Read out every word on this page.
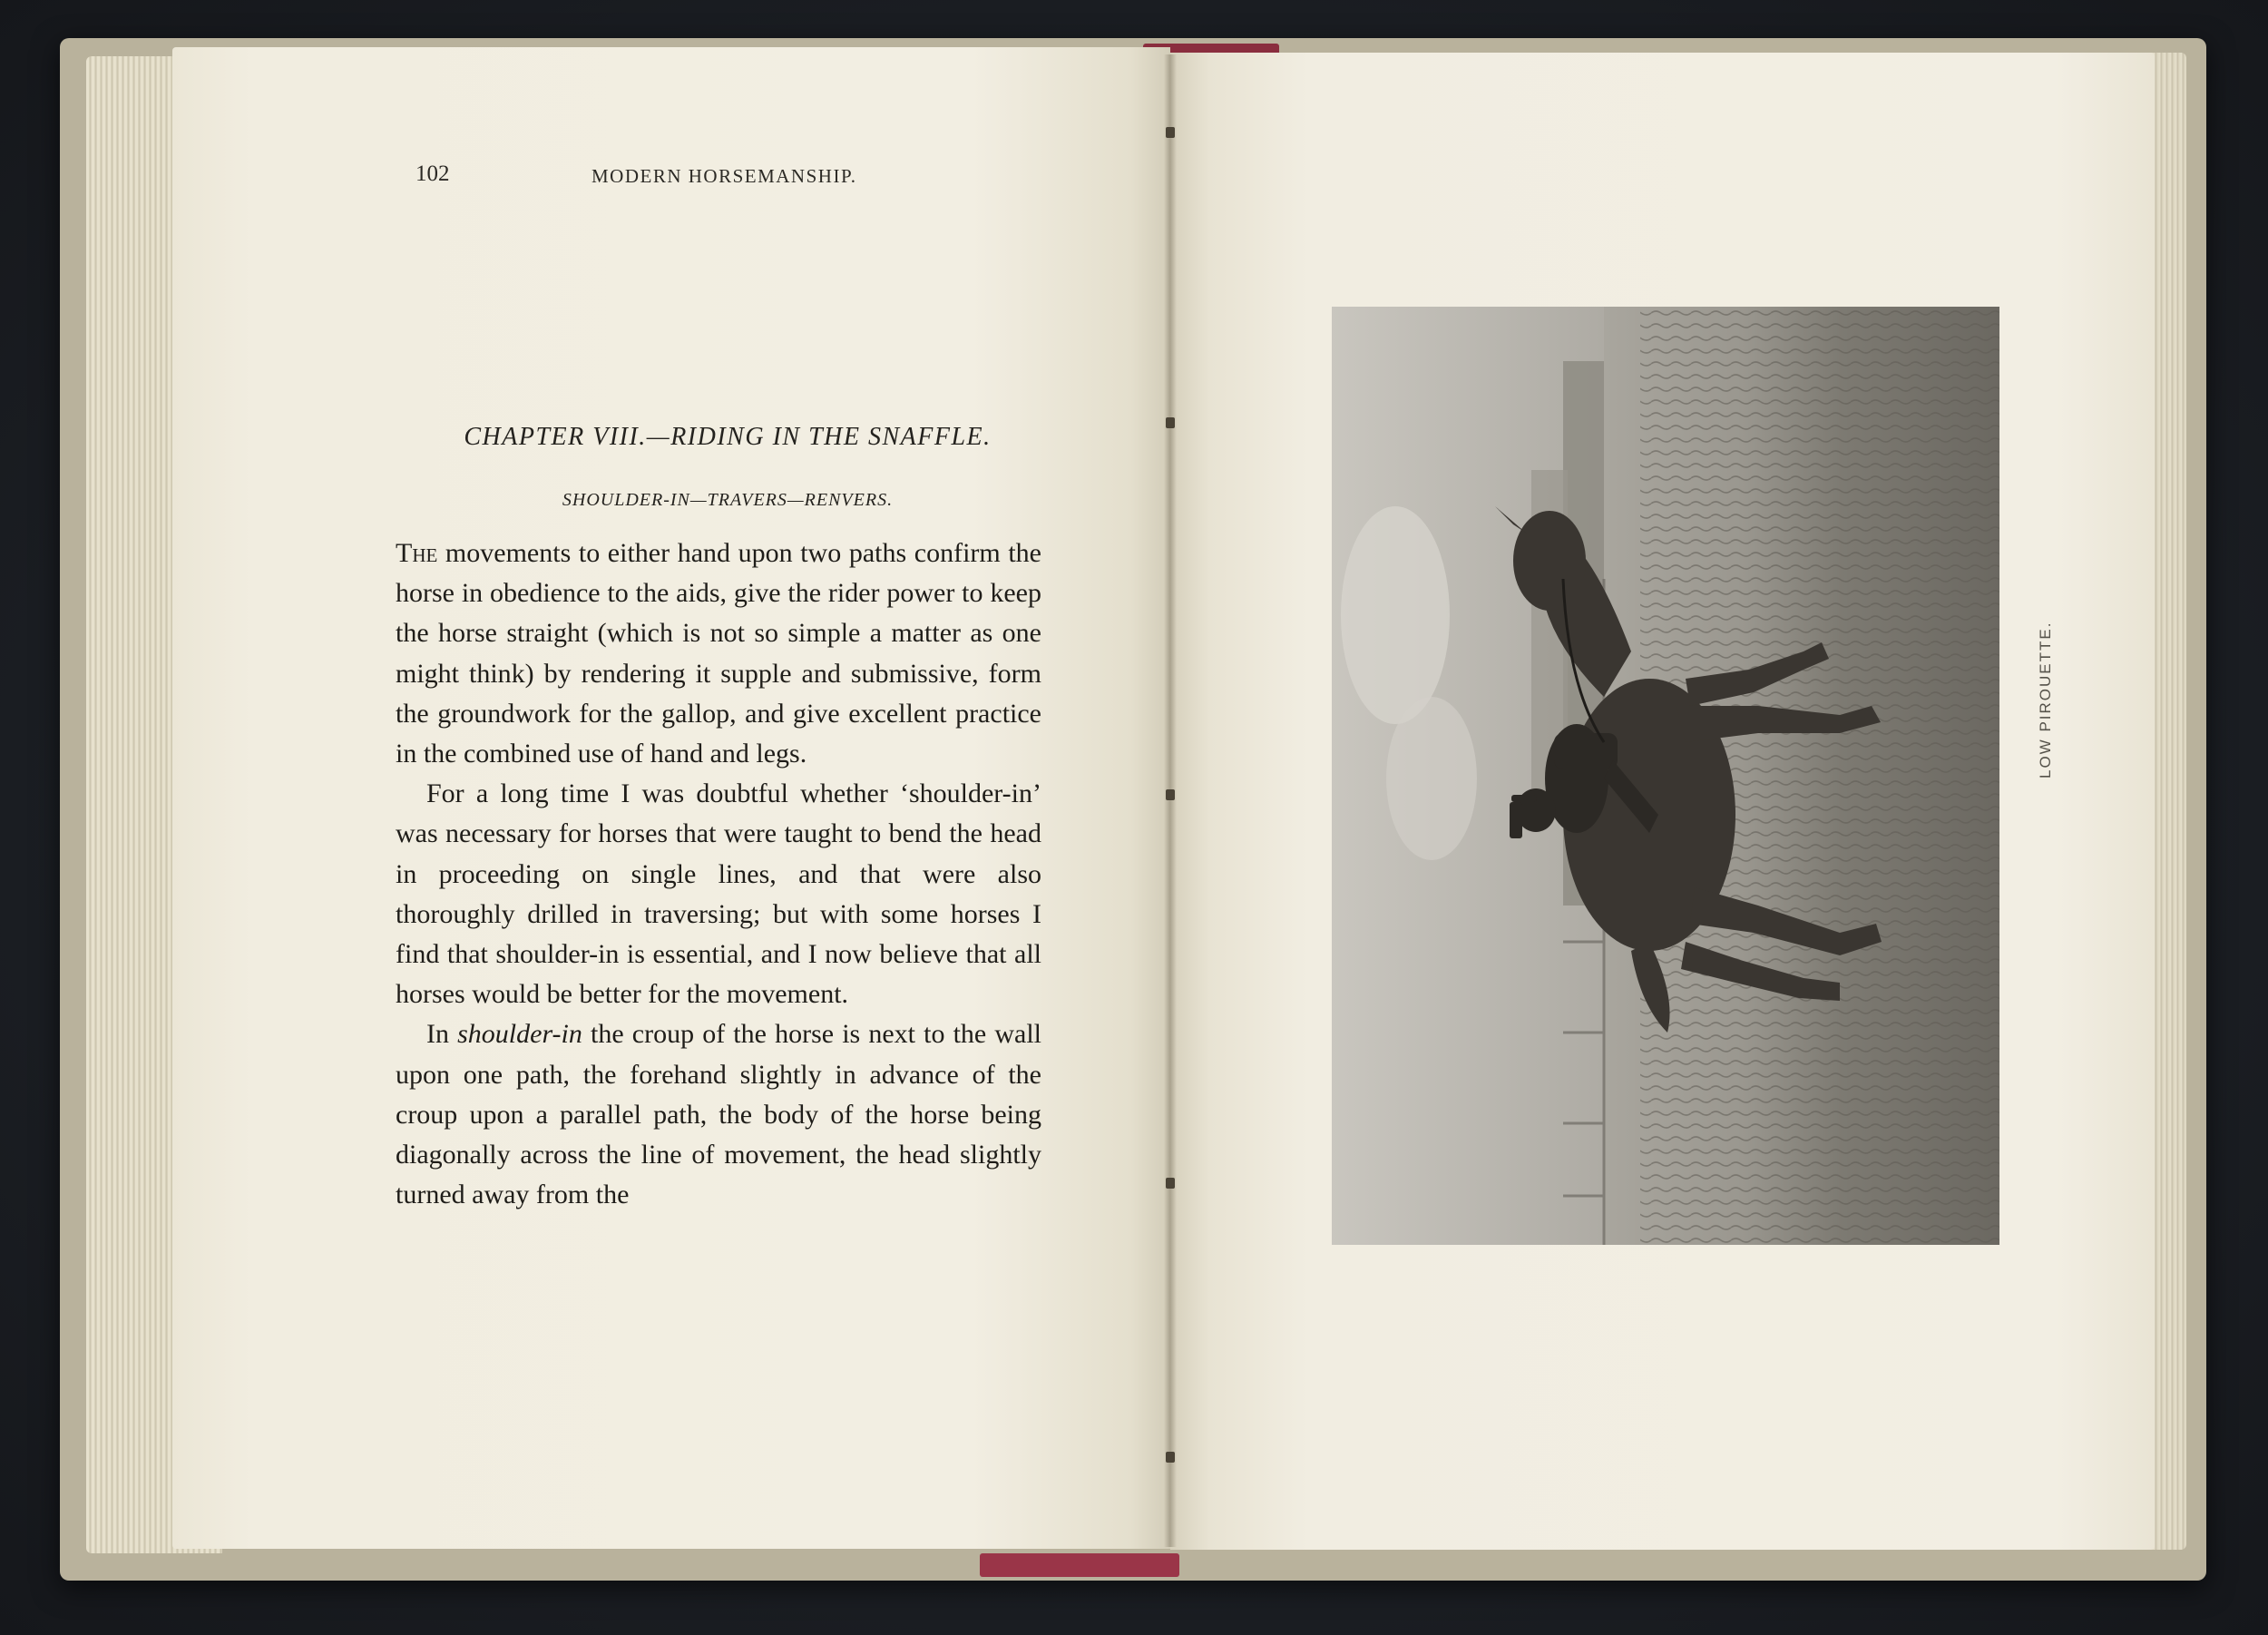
102	MODERN HORSEMANSHIP.
CHAPTER VIII.—RIDING IN THE SNAFFLE.
SHOULDER-IN—TRAVERS—RENVERS.

The movements to either hand upon two paths confirm the horse in obedience to the aids, give the rider power to keep the horse straight (which is not so simple a matter as one might think) by rendering it supple and submissive, form the groundwork for the gallop, and give excellent practice in the combined use of hand and legs.

For a long time I was doubtful whether ‘shoulder-in’ was necessary for horses that were taught to bend the head in proceeding on single lines, and that were also thoroughly drilled in traversing; but with some horses I find that shoulder-in is essential, and I now believe that all horses would be better for the movement.

In shoulder-in the croup of the horse is next to the wall upon one path, the forehand slightly in advance of the croup upon a parallel path, the body of the horse being diagonally across the line of movement, the head slightly turned away from the

LOW PIROUETTE.
